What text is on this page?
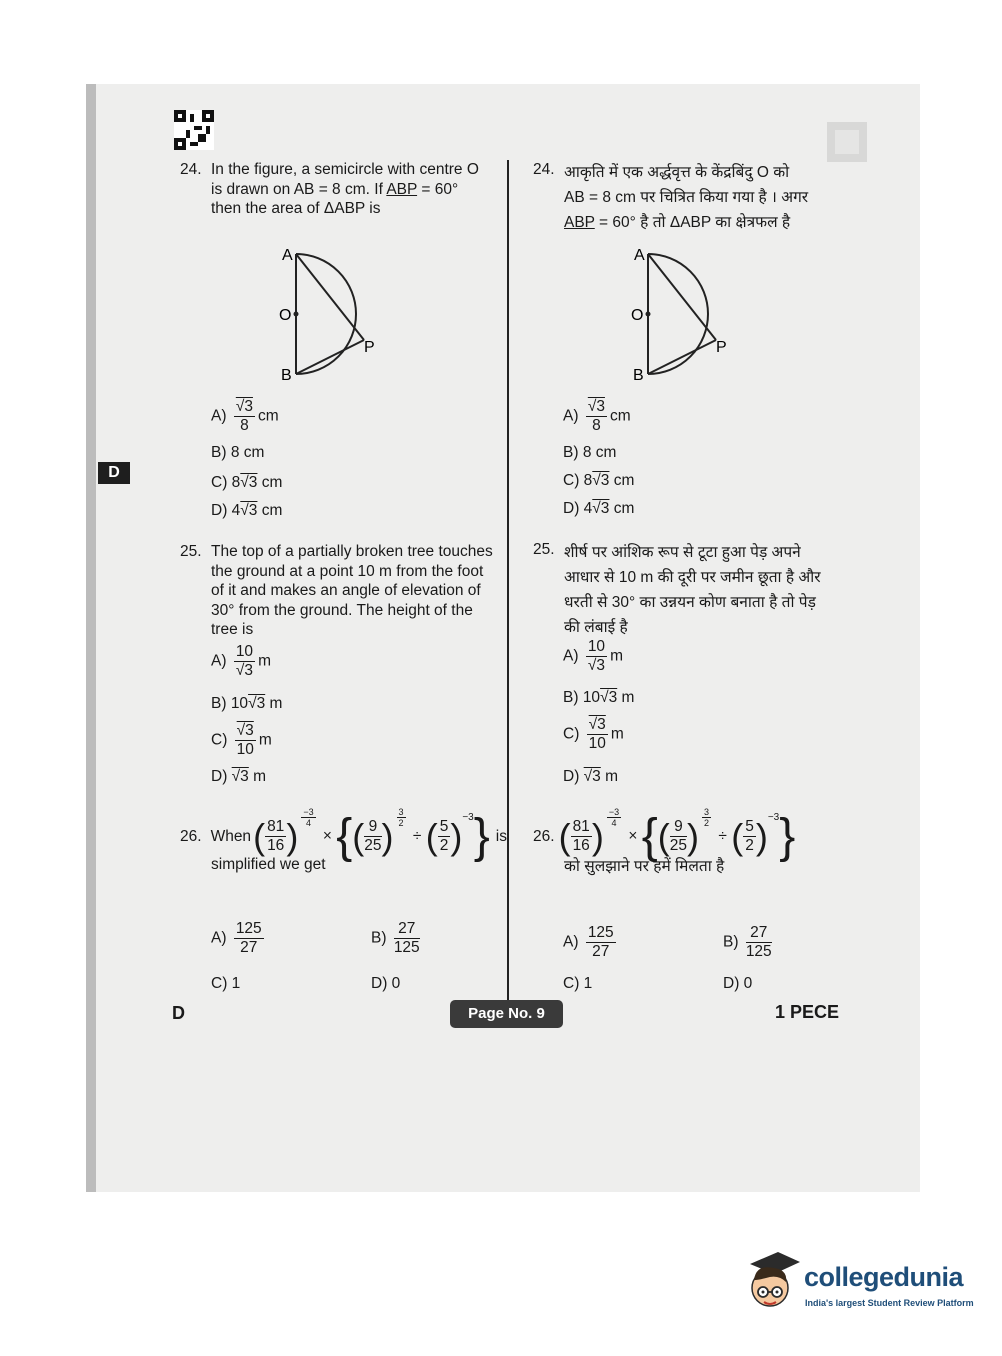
D
24. In the figure, a semicircle with centre O
is drawn on AB = 8 cm. If ABP = 60°
then the area of ΔABP is
A
O
B
P
$A) \frac{√3}{8}$ cm
B) 8 cm
C) 8√3 cm
D) 4√3 cm
24. आकृति में एक अर्द्धवृत्त के केंद्रबिंदु O को
AB = 8 cm पर चित्रित किया गया है । अगर
ABP = 60° है तो ΔABP का क्षेत्रफल है
A
O
B
P
$A) \frac{√3}{8}$ cm
B) 8 cm
C) 8√3 cm
D) 4√3 cm
25. The top of a partially broken tree touches
the ground at a point 10 m from the foot
of it and makes an angle of elevation of
30° from the ground. The height of the
tree is
$A) \frac{10}{√3}$ m
B) 10√3 m
$C) \frac{√3}{10}$ m
D) √3 m
25. शीर्ष पर आंशिक रूप से टूटा हुआ पेड़ अपने
आधार से 10 m की दूरी पर जमीन छूता है और
धरती से 30° का उन्नयन कोण बनाता है तो पेड़
की लंबाई है
$A) \frac{10}{√3}$ m
B) 10√3 m
$C) \frac{√3}{10}$ m
D) √3 m
26. When ( $\frac{81}{16}$ ) $^{\frac{-3}{4}}$
× {( $\frac{9}{25}$ ) $^{\frac{3}{2}}$
÷ ( $\frac{5}{2} )^{-3}$} is
simplified we get
$A) \frac{125}{27}$	$B) \frac{27}{125}$
C) 1	D) 0
26. ( $\frac{81}{16}$ ) $^{\frac{-3}{4}}$
× {( $\frac{9}{25}$ ) $^{\frac{3}{2}}$
÷ ( $\frac{5}{2} )^{-3}$}
को सुलझाने पर हमें मिलता है
$A) \frac{125}{27}$	$B) \frac{27}{125}$
C) 1	D) 0
D	Page No. 9	1 PECE
collegedunia
India's largest Student Review Platform
